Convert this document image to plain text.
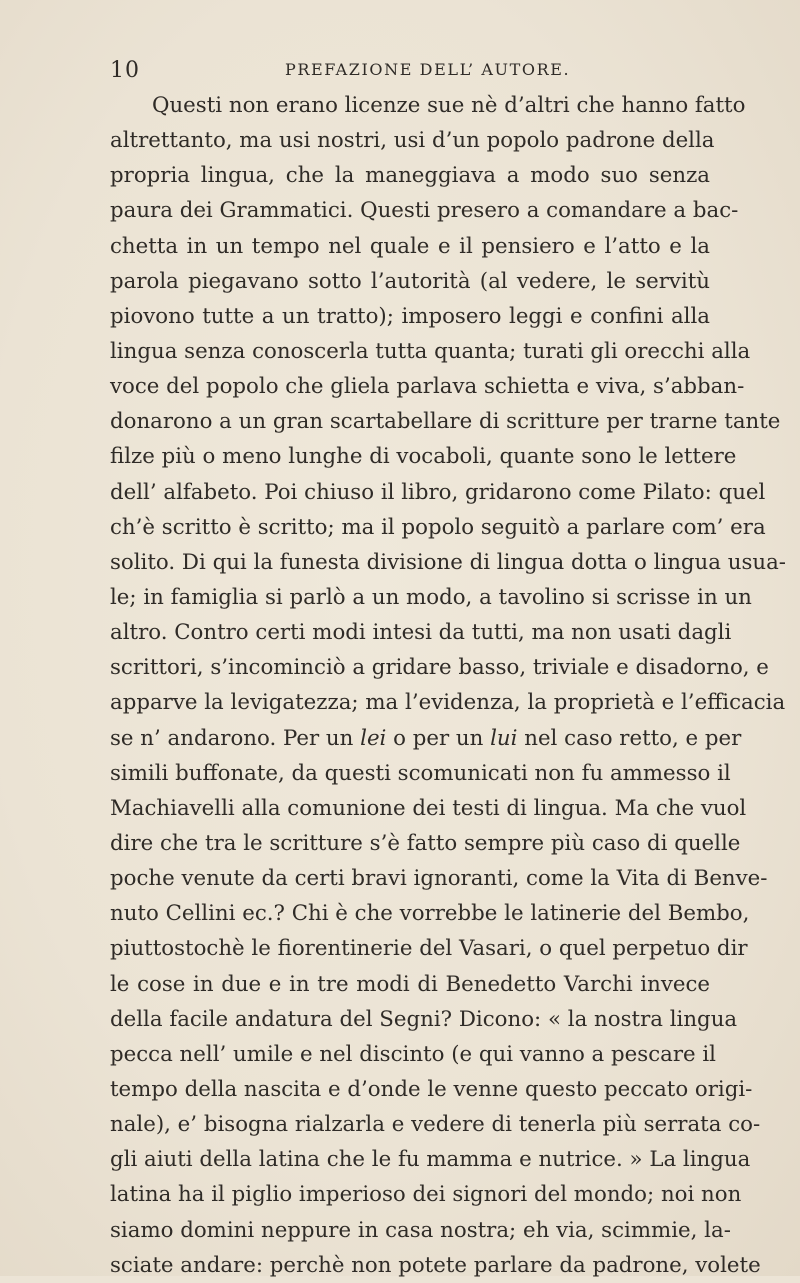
10	PREFAZIONE DELL’ AUTORE.
Questi non erano licenze sue nè d’altri che hanno fatto
altrettanto, ma usi nostri, usi d’un popolo padrone della
propria lingua, che la maneggiava a modo suo senza
paura dei Grammatici. Questi presero a comandare a bac-
chetta in un tempo nel quale e il pensiero e l’atto e la
parola piegavano sotto l’autorità (al vedere, le servitù
piovono tutte a un tratto); imposero leggi e confini alla
lingua senza conoscerla tutta quanta; turati gli orecchi alla
voce del popolo che gliela parlava schietta e viva, s’abban-
donarono a un gran scartabellare di scritture per trarne tante
filze più o meno lunghe di vocaboli, quante sono le lettere
dell’ alfabeto. Poi chiuso il libro, gridarono come Pilato: quel
ch’è scritto è scritto; ma il popolo seguitò a parlare com’ era
solito. Di qui la funesta divisione di lingua dotta o lingua usua-
le; in famiglia si parlò a un modo, a tavolino si scrisse in un
altro. Contro certi modi intesi da tutti, ma non usati dagli
scrittori, s’incominciò a gridare basso, triviale e disadorno, e
apparve la levigatezza; ma l’evidenza, la proprietà e l’efficacia
se n’ andarono. Per un lei o per un lui nel caso retto, e per
simili buffonate, da questi scomunicati non fu ammesso il
Machiavelli alla comunione dei testi di lingua. Ma che vuol
dire che tra le scritture s’è fatto sempre più caso di quelle
poche venute da certi bravi ignoranti, come la Vita di Benve-
nuto Cellini ec.? Chi è che vorrebbe le latinerie del Bembo,
piuttostochè le fiorentinerie del Vasari, o quel perpetuo dir
le cose in due e in tre modi di Benedetto Varchi invece
della facile andatura del Segni? Dicono: « la nostra lingua
pecca nell’ umile e nel discinto (e qui vanno a pescare il
tempo della nascita e d’onde le venne questo peccato origi-
nale), e’ bisogna rialzarla e vedere di tenerla più serrata co-
gli aiuti della latina che le fu mamma e nutrice. » La lingua
latina ha il piglio imperioso dei signori del mondo; noi non
siamo domini neppure in casa nostra; eh via, scimmie, la-
sciate andare: perchè non potete parlare da padrone, volete
